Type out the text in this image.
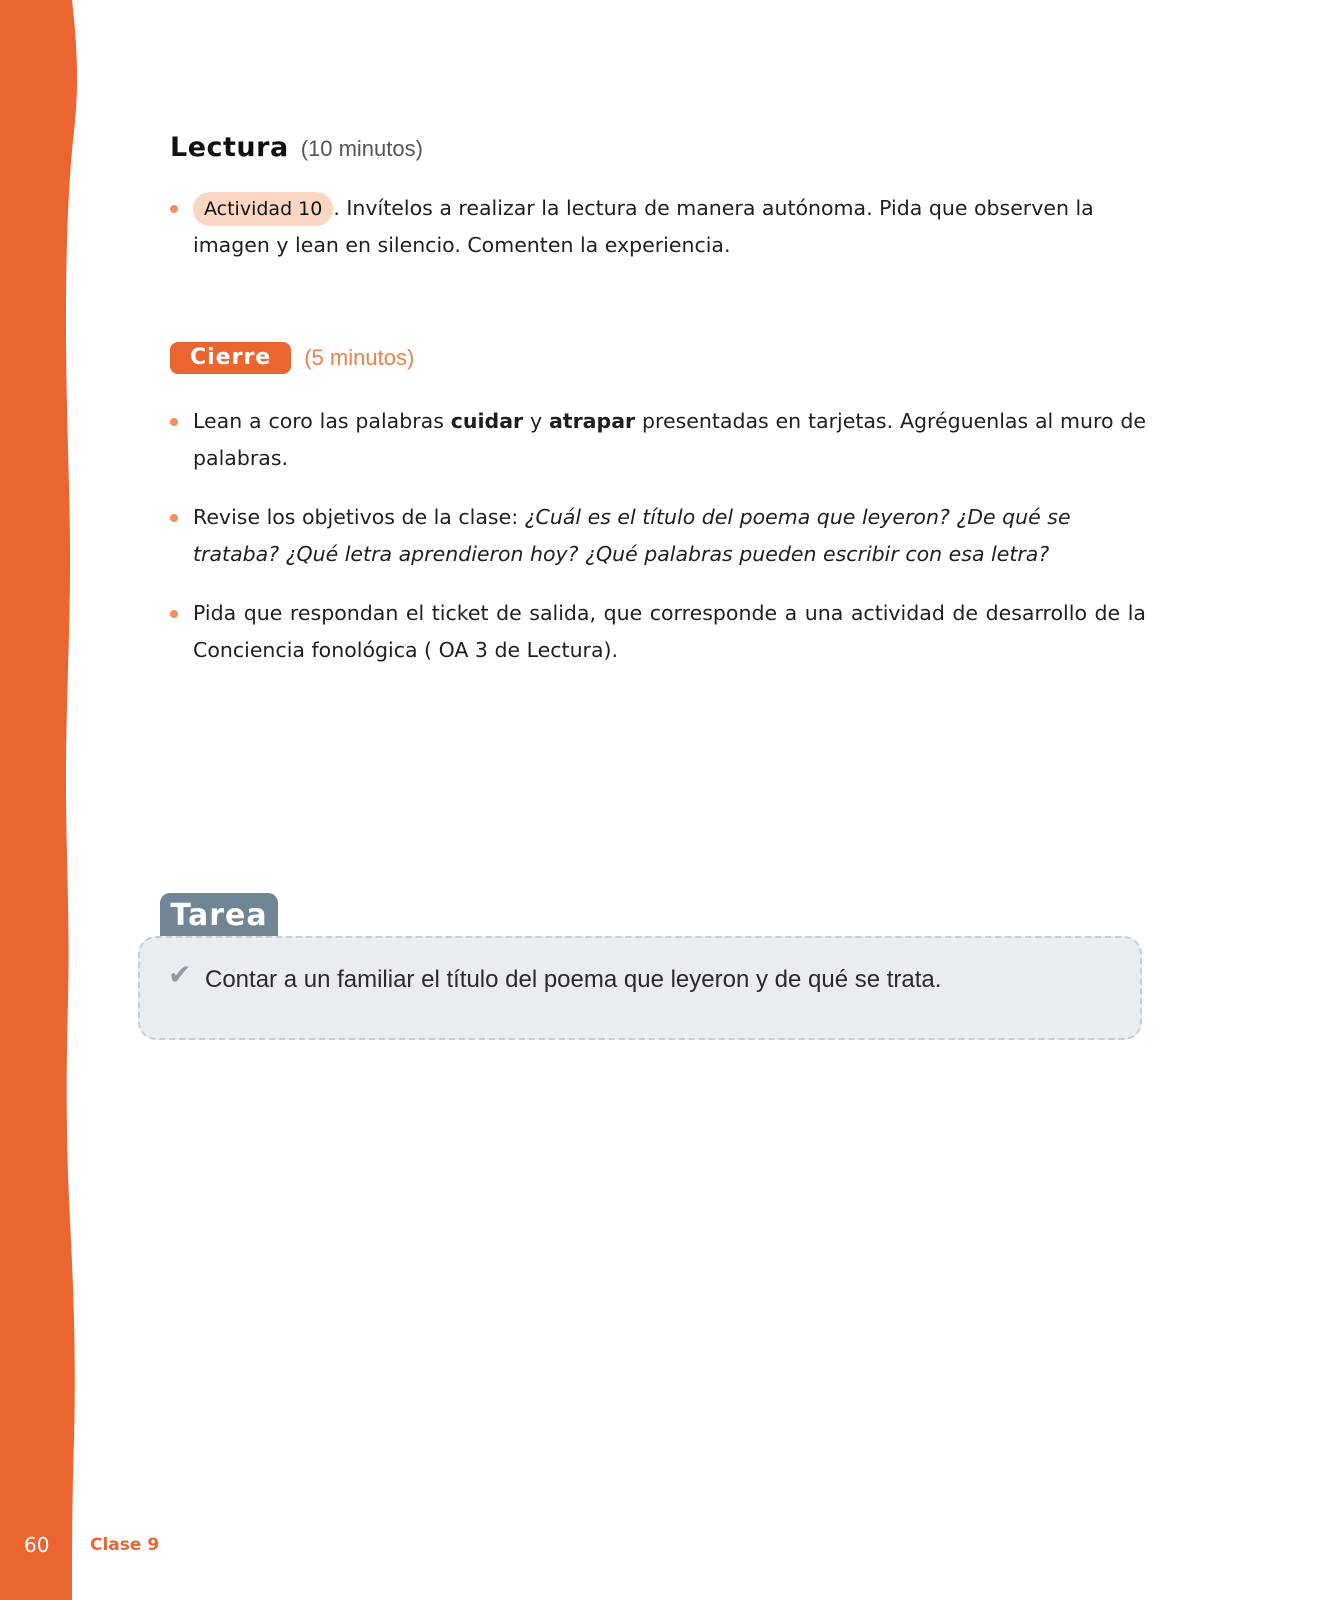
Lectura (10 minutos)
Actividad 10 . Invítelos a realizar la lectura de manera autónoma. Pida que observen la imagen y lean en silencio. Comenten la experiencia.
Cierre	(5 minutos)
Lean a coro las palabras cuidar y atrapar presentadas en tarjetas. Agréguenlas al muro de palabras.
Revise los objetivos de la clase: ¿Cuál es el título del poema que leyeron? ¿De qué se trataba? ¿Qué letra aprendieron hoy? ¿Qué palabras pueden escribir con esa letra?
Pida que respondan el ticket de salida, que corresponde a una actividad de desarrollo de la Conciencia fonológica ( OA 3 de Lectura).
Tarea
✔ Contar a un familiar el título del poema que leyeron y de qué se trata.
60 Clase 9
